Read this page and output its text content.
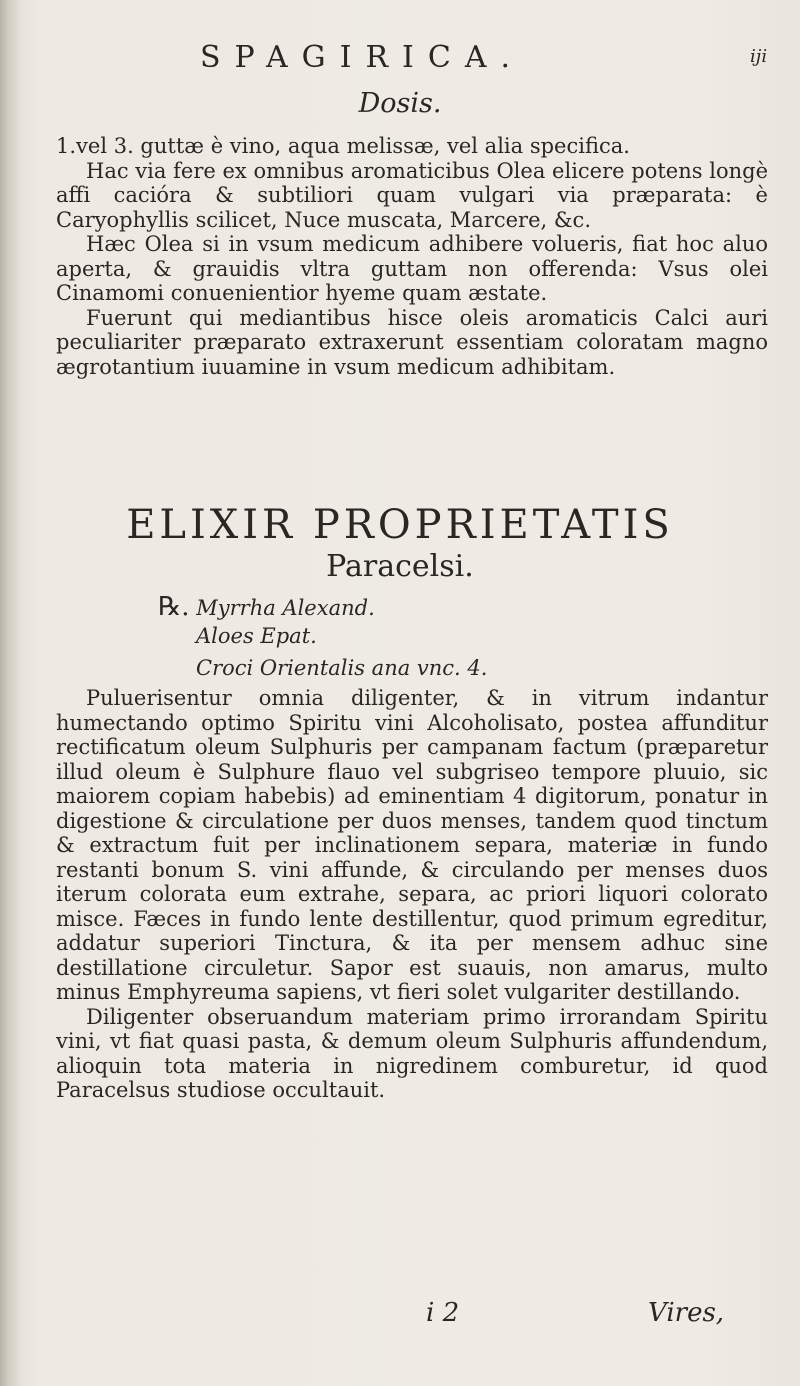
SPAGIRICA.	iji
Dosis.

1.vel 3. guttæ è vino, aqua melissæ, vel alia specifica.

Hac via fere ex omnibus aromaticibus Olea elicere potens longè affi cacióra & subtiliori quam vulgari via præparata: è Caryophyllis scilicet, Nuce muscata, Marcere, &c.

Hæc Olea si in vsum medicum adhibere volueris, fiat hoc aluo aperta, & grauidis vltra guttam non offerenda: Vsus olei Cinamomi conuenientior hyeme quam æstate.

Fuerunt qui mediantibus hisce oleis aromaticis Calci auri peculiariter præparato extraxerunt essentiam coloratam magno ægrotantium iuuamine in vsum medicum adhibitam.

ELIXIR PROPRIETATIS
Paracelsi.
℞. Myrrha Alexand.
Aloes Epat.
Croci Orientalis ana vnc. 4.

Puluerisentur omnia diligenter, & in vitrum indantur humectando optimo Spiritu vini Alcoholisato, postea affunditur rectificatum oleum Sulphuris per campanam factum (præparetur illud oleum è Sulphure flauo vel subgriseo tempore pluuio, sic maiorem copiam habebis) ad eminentiam 4 digitorum, ponatur in digestione & circulatione per duos menses, tandem quod tinctum & extractum fuit per inclinationem separa, materiæ in fundo restanti bonum S. vini affunde, & circulando per menses duos iterum colorata eum extrahe, separa, ac priori liquori colorato misce. Fæces in fundo lente destillentur, quod primum egreditur, addatur superiori Tinctura, & ita per mensem adhuc sine destillatione circuletur. Sapor est suauis, non amarus, multo minus Emphyreuma sapiens, vt fieri solet vulgariter destillando.

Diligenter obseruandum materiam primo irrorandam Spiritu vini, vt fiat quasi pasta, & demum oleum Sulphuris affundendum, alioquin tota materia in nigredinem comburetur, id quod Paracelsus studiose occultauit.

i 2	Vires,
